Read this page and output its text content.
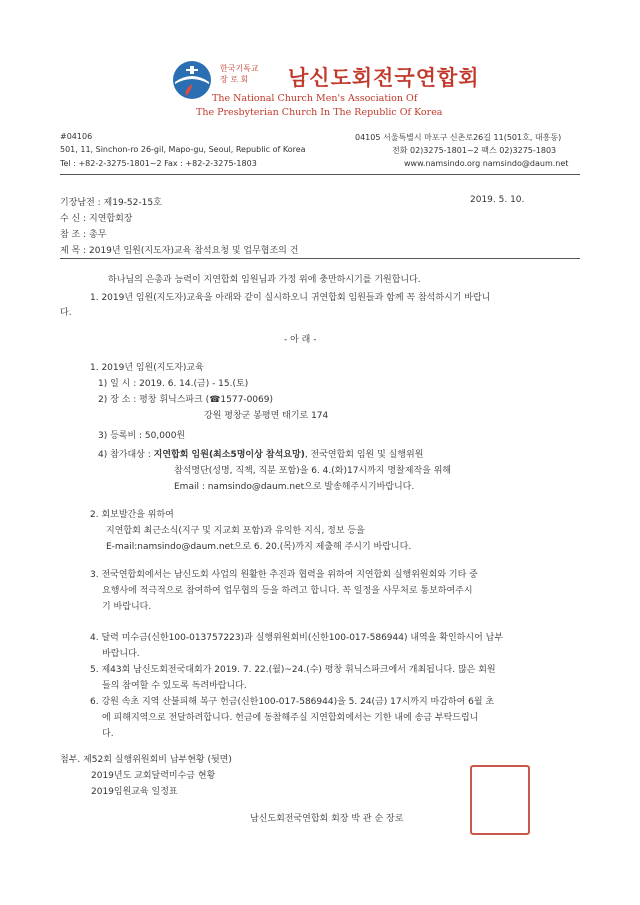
한국기독교
장 로 회	남신도회전국연합회
The National Church Men's Association Of
The Presbyterian Church In The Republic Of Korea
#04106
501, 11, Sinchon-ro 26-gil, Mapo-gu, Seoul, Republic of Korea
Tel : +82-2-3275-1801~2 Fax : +82-2-3275-1803
04105 서울특별시 마포구 신촌로26길 11(501호, 대흥동)
전화 02)3275-1801~2 팩스 02)3275-1803
www.namsindo.org namsindo@daum.net
기장남전 : 제19-52-15호	2019. 5. 10.
수 신 : 지연합회장
참 조 : 총무
제 목 : 2019년 임원(지도자)교육 참석요청 및 업무협조의 건
하나님의 은총과 능력이 지연합회 임원님과 가정 위에 충만하시기를 기원합니다.
1. 2019년 임원(지도자)교육을 아래와 같이 실시하오니 귀연합회 임원들과 함께 꼭 참석하시기 바랍니
다.
- 아 래 -
1. 2019년 임원(지도자)교육
1) 일 시 : 2019. 6. 14.(금) - 15.(토)
2) 장 소 : 평창 휘닉스파크 (☎1577-0069)
강원 평창군 봉평면 태기로 174
3) 등록비 : 50,000원
4) 참가대상 : 지연합회 임원(최소5명이상 참석요망), 전국연합회 임원 및 실행위원
참석명단(성명, 직책, 직분 포함)을 6. 4.(화)17시까지 명찰제작을 위해
Email : namsindo@daum.net으로 발송해주시기바랍니다.
2. 회보발간을 위하여
지연합회 최근소식(지구 및 지교회 포함)과 유익한 지식, 정보 등을
E-mail:namsindo@daum.net으로 6. 20.(목)까지 제출해 주시기 바랍니다.
3. 전국연합회에서는 남신도회 사업의 원활한 추진과 협력을 위하여 지연합회 실행위원회와 기타 중
요행사에 적극적으로 참여하여 업무협의 등을 하려고 합니다. 꼭 일정을 사무처로 통보하여주시
기 바랍니다.
4. 달력 미수금(신한100-013757223)과 실행위원회비(신한100-017-586944) 내역을 확인하시어 납부
바랍니다.
5. 제43회 남신도회전국대회가 2019. 7. 22.(월)~24.(수) 평창 휘닉스파크에서 개최됩니다. 많은 회원
들의 참여할 수 있도록 독려바랍니다.
6. 강원 속초 지역 산불피해 복구 헌금(신한100-017-586944)을 5. 24(금) 17시까지 마감하여 6월 초
에 피해지역으로 전달하려합니다. 헌금에 동참해주실 지연합회에서는 기한 내에 송금 부탁드립니
다.
첨부. 제52회 실행위원회비 납부현황 (뒷면)
2019년도 교회달력미수금 현황
2019임원교육 일정표
남신도회전국연합회 회장 박 관 순 장로
